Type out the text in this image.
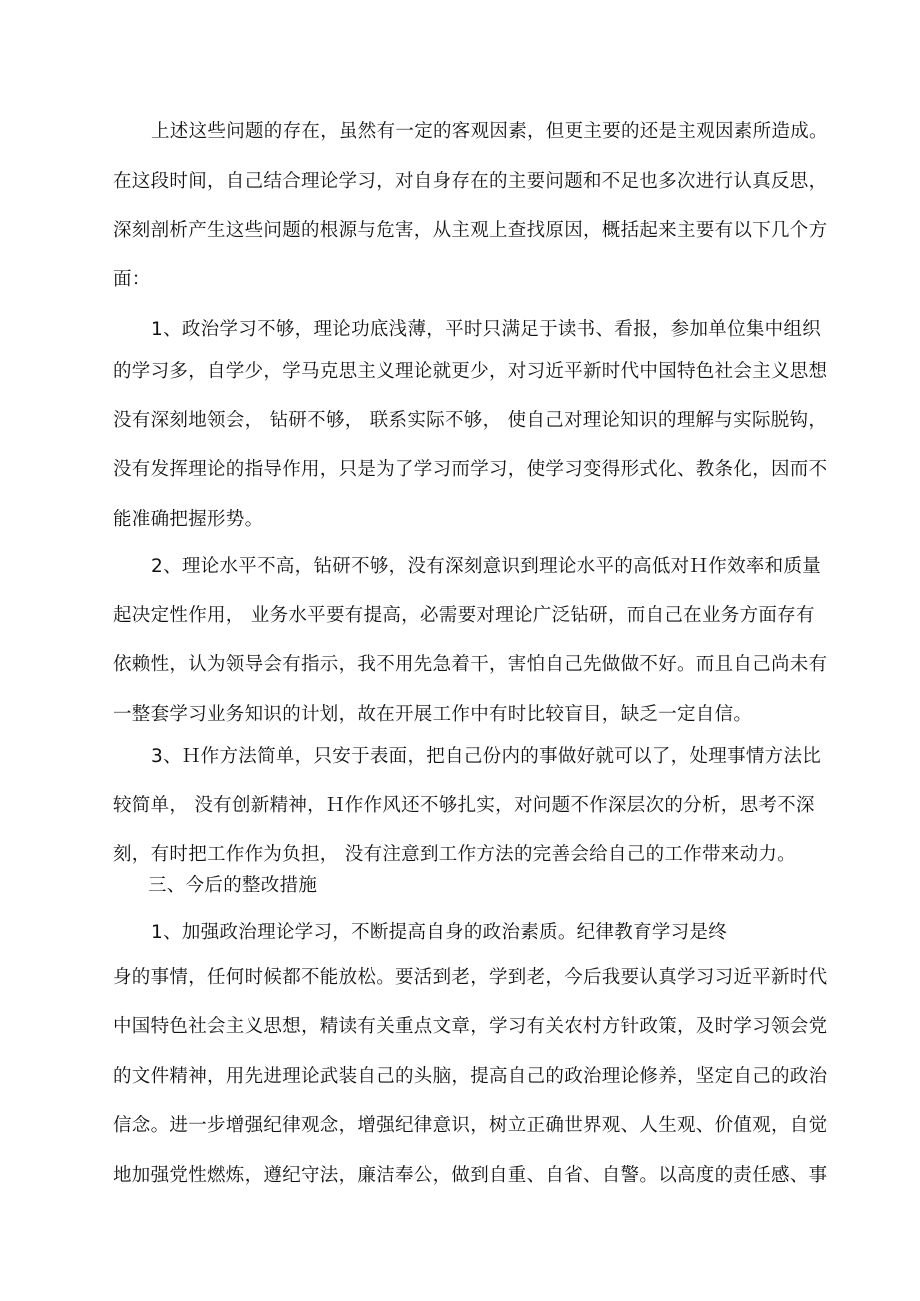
上述这些问题的存在，虽然有一定的客观因素，但更主要的还是主观因素所造成。
在这段时间，自己结合理论学习，对自身存在的主要问题和不足也多次进行认真反思，
深刻剖析产生这些问题的根源与危害，从主观上查找原因，概括起来主要有以下几个方
面：
1、政治学习不够，理论功底浅薄，平时只满足于读书、看报，参加单位集中组织
的学习多，自学少，学马克思主义理论就更少，对习近平新时代中国特色社会主义思想
没有深刻地领会， 钻研不够， 联系实际不够， 使自己对理论知识的理解与实际脱钩，
没有发挥理论的指导作用，只是为了学习而学习，使学习变得形式化、教条化，因而不
能准确把握形势。
2、理论水平不高，钻研不够，没有深刻意识到理论水平的高低对Ｈ作效率和质量
起决定性作用， 业务水平要有提高，必需要对理论广泛钻研，而自己在业务方面存有
依赖性，认为领导会有指示，我不用先急着干，害怕自己先做做不好。而且自己尚未有
一整套学习业务知识的计划，故在开展工作中有时比较盲目，缺乏一定自信。
3、Ｈ作方法简单，只安于表面，把自己份内的事做好就可以了，处理事情方法比
较简单， 没有创新精神，Ｈ作作风还不够扎实，对问题不作深层次的分析，思考不深
刻，有时把工作作为负担， 没有注意到工作方法的完善会给自己的工作带来动力。
三、今后的整改措施
1、加强政治理论学习，不断提高自身的政治素质。纪律教育学习是终
身的事情，任何时候都不能放松。要活到老，学到老，今后我要认真学习习近平新时代
中国特色社会主义思想，精读有关重点文章，学习有关农村方针政策，及时学习领会党
的文件精神，用先进理论武装自己的头脑，提高自己的政治理论修养，坚定自己的政治
信念。进一步增强纪律观念，增强纪律意识，树立正确世界观、人生观、价值观，自觉
地加强党性燃炼，遵纪守法，廉洁奉公，做到自重、自省、自警。以高度的责任感、事
